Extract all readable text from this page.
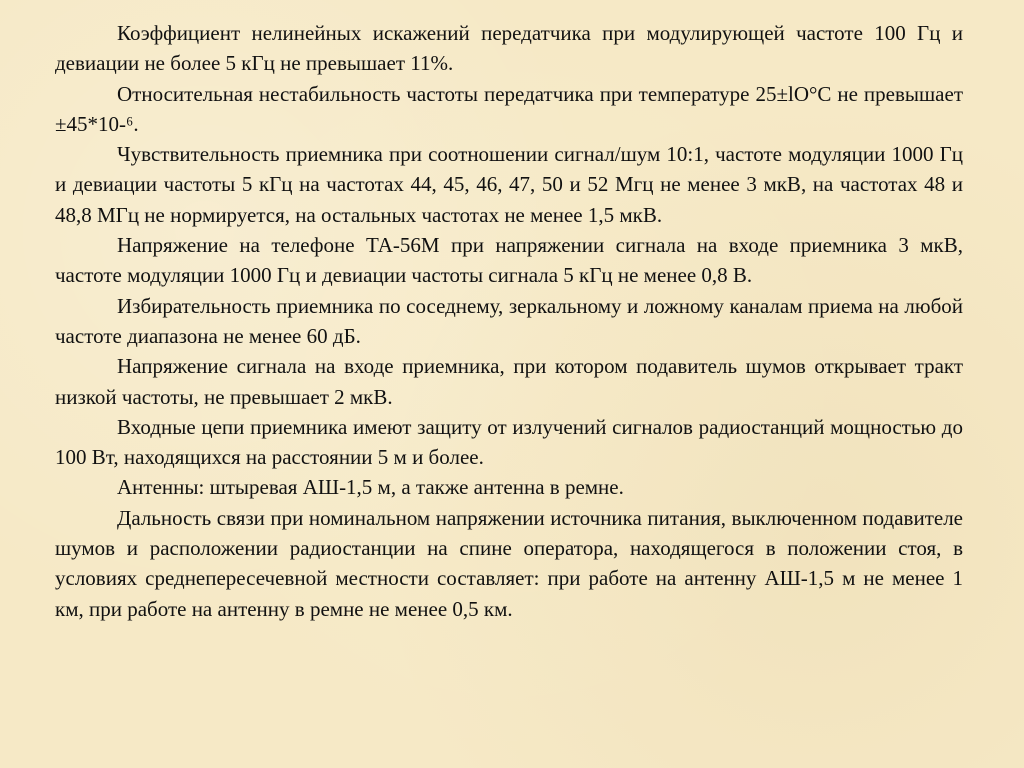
Коэффициент нелинейных искажений передатчика при модулирующей частоте 100 Гц и девиации не более 5 кГц не превышает 11%.

Относительная нестабильность частоты передатчика при температуре 25±lO°С не превышает ±45*10-⁶.

Чувствительность приемника при соотношении сигнал/шум 10:1, частоте модуляции 1000 Гц и девиации частоты 5 кГц на частотах 44, 45, 46, 47, 50 и 52 Мгц не менее 3 мкВ, на частотах 48 и 48,8 МГц не нормируется, на остальных частотах не менее 1,5 мкВ.

Напряжение на телефоне ТА-56М при напряжении сигнала на входе приемника 3 мкВ, частоте модуляции 1000 Гц и девиации частоты сигнала 5 кГц не менее 0,8 В.

Избирательность приемника по соседнему, зеркальному и ложному каналам приема на любой частоте диапазона не менее 60 дБ.

Напряжение сигнала на входе приемника, при котором подавитель шумов открывает тракт низкой частоты, не превышает 2 мкВ.

Входные цепи приемника имеют защиту от излучений сигналов радиостанций мощностью до 100 Вт, находящихся на расстоянии 5 м и более.

Антенны: штыревая АШ-1,5 м, а также антенна в ремне.

Дальность связи при номинальном напряжении источника питания, выключенном подавителе шумов и расположении радиостанции на спине оператора, находящегося в положении стоя, в условиях среднепересечевной местности составляет: при работе на антенну АШ-1,5 м не менее 1 км, при работе на антенну в ремне не менее 0,5 км.
